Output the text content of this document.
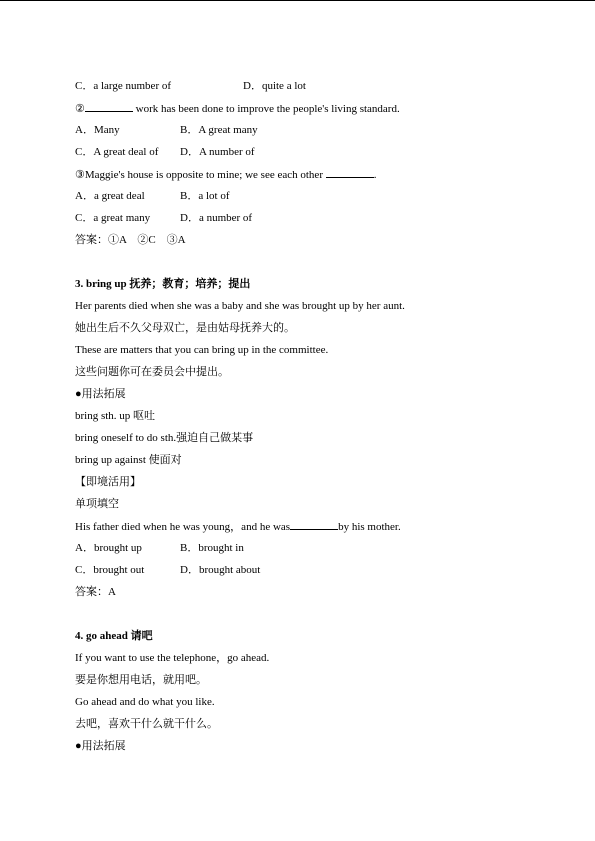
C．a large number of	D．quite a lot
②	work has been done to improve the people's living standard.
A．Many	B．A great many
C．A great deal of D．A number of
③Maggie's house is opposite to mine; we see each other	.
A．a great deal	B．a lot of
C．a great many	D．a number of
答案：①A　②C　③A
3. bring up 抚养；教育；培养；提出
Her parents died when she was a baby and she was brought up by her aunt.
她出生后不久父母双亡，是由姑母抚养大的。
These are matters that you can bring up in the committee.
这些问题你可在委员会中提出。
●用法拓展
bring sth. up 呕吐
bring oneself to do sth.强迫自己做某事
bring up against 使面对
【即境活用】
单项填空
His father died when he was young，and he was	by his mother.
A．brought up	B．brought in
C．brought out	D．brought about
答案：A
4. go ahead 请吧
If you want to use the telephone，go ahead.
要是你想用电话，就用吧。
Go ahead and do what you like.
去吧，喜欢干什么就干什么。
●用法拓展
